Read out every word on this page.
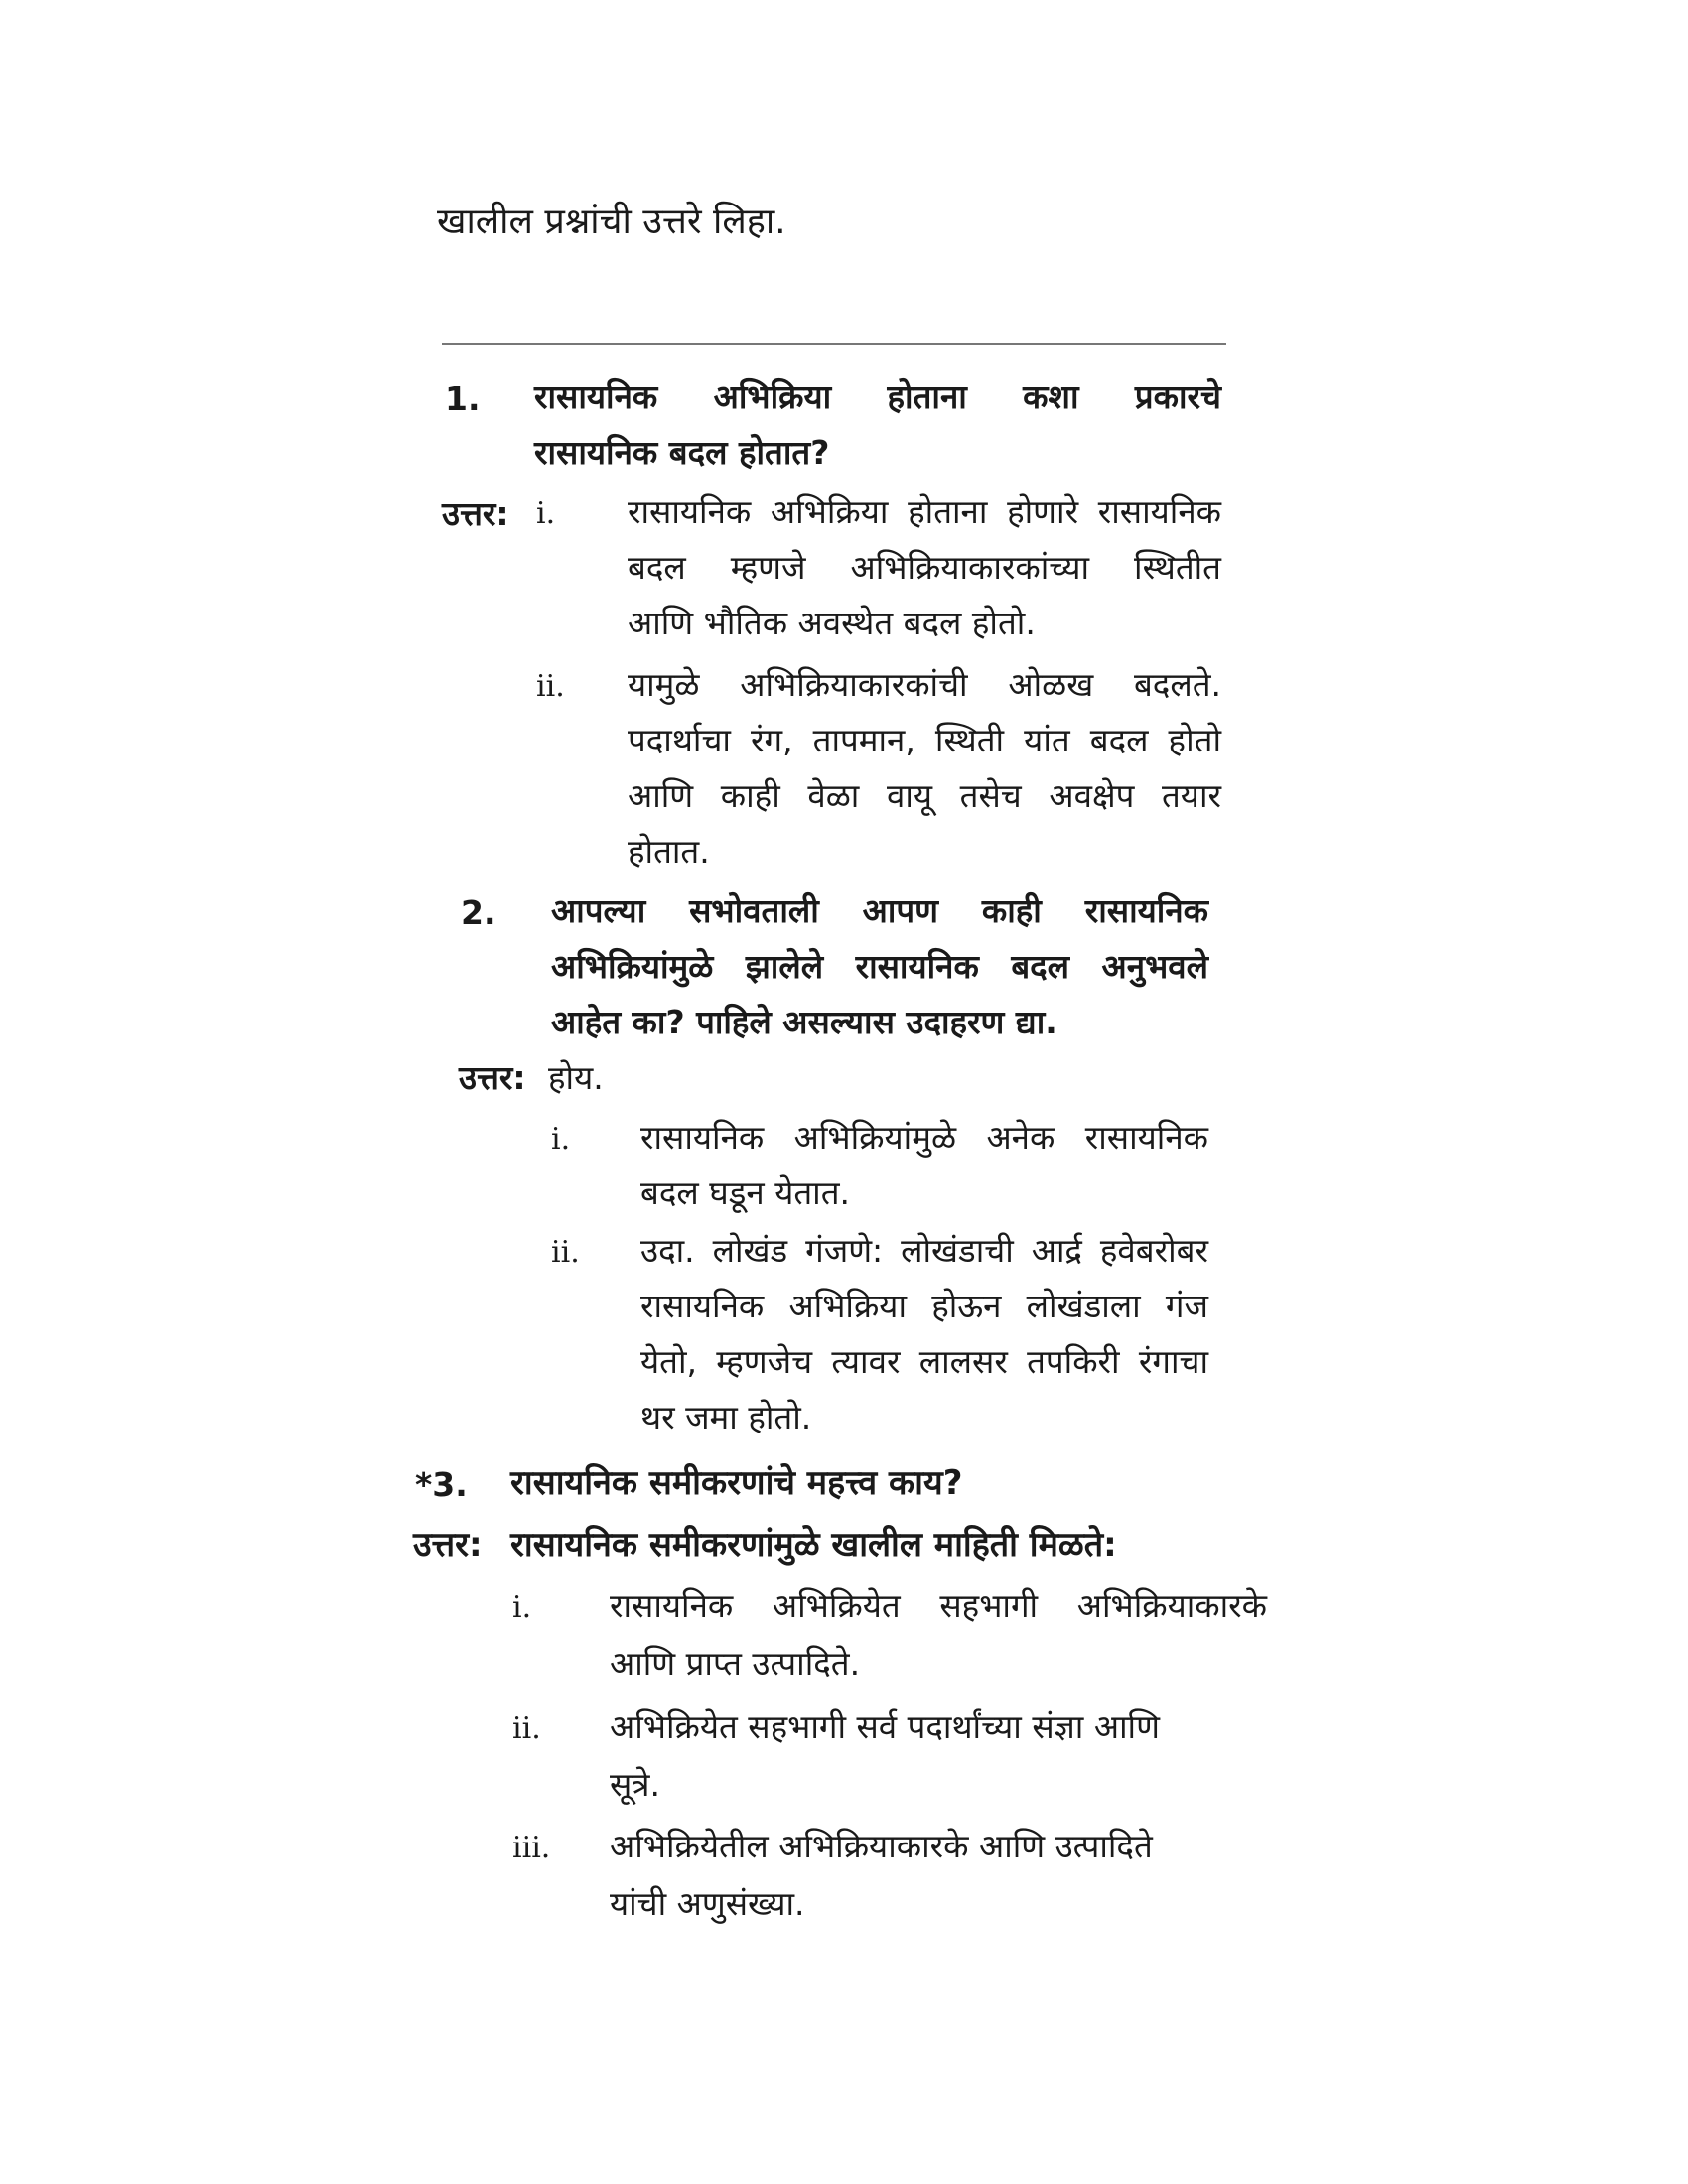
खालील प्रश्नांची उत्तरे लिहा.
1. रासायनिक अभिक्रिया होताना कशा प्रकारचे
रासायनिक बदल होतात?
उत्तर: i. रासायनिक अभिक्रिया होताना होणारे रासायनिक
बदल म्हणजे अभिक्रियाकारकांच्या स्थितीत
आणि भौतिक अवस्थेत बदल होतो.
ii. यामुळे अभिक्रियाकारकांची ओळख बदलते.
पदार्थाचा रंग, तापमान, स्थिती यांत बदल होतो
आणि काही वेळा वायू तसेच अवक्षेप तयार
होतात.
2. आपल्या सभोवताली आपण काही रासायनिक
अभिक्रियांमुळे झालेले रासायनिक बदल अनुभवले
आहेत का? पाहिले असल्यास उदाहरण द्या.
उत्तर: होय.
i. रासायनिक अभिक्रियांमुळे अनेक रासायनिक
बदल घडून येतात.
ii. उदा. लोखंड गंजणे: लोखंडाची आर्द्र हवेबरोबर
रासायनिक अभिक्रिया होऊन लोखंडाला गंज
येतो, म्हणजेच त्यावर लालसर तपकिरी रंगाचा
थर जमा होतो.
*3. रासायनिक समीकरणांचे महत्त्व काय?
उत्तर: रासायनिक समीकरणांमुळे खालील माहिती मिळते:
i. रासायनिक अभिक्रियेत सहभागी अभिक्रियाकारके
आणि प्राप्त उत्पादिते.
ii. अभिक्रियेत सहभागी सर्व पदार्थांच्या संज्ञा आणि
सूत्रे.
iii. अभिक्रियेतील अभिक्रियाकारके आणि उत्पादिते
यांची अणुसंख्या.
